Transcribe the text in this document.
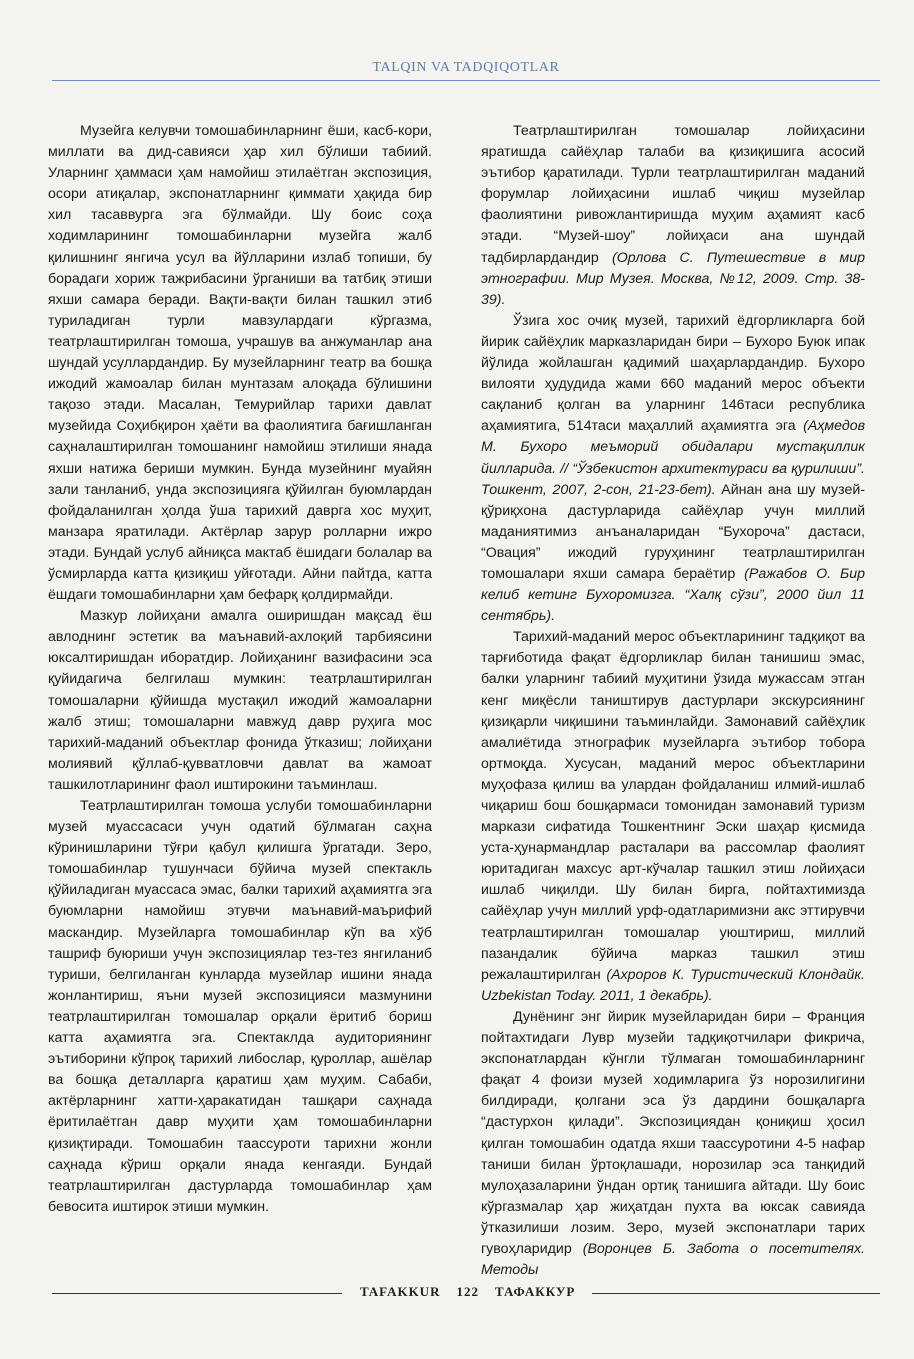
TALQIN VA TADQIQOTLAR

Музейга келувчи томошабинларнинг ёши, касб-кори, миллати ва дид-савияси ҳар хил бўлиши табиий. Уларнинг ҳаммаси ҳам намойиш этилаётган экспозиция, осори атиқалар, экспонатларнинг қиммати ҳақида бир хил тасаввурга эга бўлмайди. Шу боис соҳа ходимларининг томошабинларни музейга жалб қилишнинг янгича усул ва йўлларини излаб топиши, бу борадаги хориж тажрибасини ўрганиши ва татбиқ этиши яхши самара беради. Вақти-вақти билан ташкил этиб туриладиган турли мавзулардаги кўргазма, театрлаштирилган томоша, учрашув ва анжуманлар ана шундай усуллардандир. Бу музейларнинг театр ва бошқа ижодий жамоалар билан мунтазам алоқада бўлишини тақозо этади. Масалан, Темурийлар тарихи давлат музейида Соҳибқирон ҳаёти ва фаолиятига бағишланган саҳналаштирилган томошанинг намойиш этилиши янада яхши натижа бериши мумкин. Бунда музейнинг муайян зали танланиб, унда экспозицияга қўйилган буюмлардан фойдаланилган ҳолда ўша тарихий даврга хос муҳит, манзара яратилади. Актёрлар зарур ролларни ижро этади. Бундай услуб айниқса мактаб ёшидаги болалар ва ўсмирларда катта қизиқиш уйғотади. Айни пайтда, катта ёшдаги томошабинларни ҳам бефарқ қолдирмайди.

Мазкур лойиҳани амалга оширишдан мақсад ёш авлоднинг эстетик ва маънавий-ахлоқий тарбиясини юксалтиришдан иборатдир. Лойиҳанинг вазифасини эса қуйидагича белгилаш мумкин: театрлаштирилган томошаларни қўйишда мустақил ижодий жамоаларни жалб этиш; томошаларни мавжуд давр руҳига мос тарихий-маданий объектлар фонида ўтказиш; лойиҳани молиявий қўллаб-қувватловчи давлат ва жамоат ташкилотларининг фаол иштирокини таъминлаш.

Театрлаштирилган томоша услуби томошабинларни музей муассасаси учун одатий бўлмаган саҳна кўринишларини тўғри қабул қилишга ўргатади. Зеро, томошабинлар тушунчаси бўйича музей спектакль қўйиладиган муассаса эмас, балки тарихий аҳамиятга эга буюмларни намойиш этувчи маънавий-маърифий маскандир. Музейларга томошабинлар кўп ва хўб ташриф буюриши учун экспозициялар тез-тез янгиланиб туриши, белгиланган кунларда музейлар ишини янада жонлантириш, яъни музей экспозицияси мазмунини театрлаштирилган томошалар орқали ёритиб бориш катта аҳамиятга эга. Спектаклда аудиториянинг эътиборини кўпроқ тарихий либослар, қуроллар, ашёлар ва бошқа деталларга қаратиш ҳам муҳим. Сабаби, актёрларнинг хатти-ҳаракатидан ташқари саҳнада ёритилаётган давр муҳити ҳам томошабинларни қизиқтиради. Томошабин таассуроти тарихни жонли саҳнада кўриш орқали янада кенгаяди. Бундай театрлаштирилган дастурларда томошабинлар ҳам бевосита иштирок этиши мумкин.

Театрлаштирилган томошалар лойиҳасини яратишда сайёҳлар талаби ва қизиқишига асосий эътибор қаратилади. Турли театрлаштирилган маданий форумлар лойиҳасини ишлаб чиқиш музейлар фаолиятини ривожлантиришда муҳим аҳамият касб этади. “Музей-шоу” лойиҳаси ана шундай тадбирлардандир (Орлова С. Путешествие в мир этнографии. Мир Музея. Москва, №12, 2009. Стр. 38-39).

Ўзига хос очиқ музей, тарихий ёдгорликларга бой йирик сайёҳлик марказларидан бири – Бухоро Буюк ипак йўлида жойлашган қадимий шаҳарлардандир. Бухоро вилояти ҳудудида жами 660 маданий мерос объекти сақланиб қолган ва уларнинг 146таси республика аҳамиятига, 514таси маҳаллий аҳамиятга эга (Аҳмедов М. Бухоро меъморий обидалари мустақиллик йилларида. // “Ўзбекистон архитектураси ва қурилиши”. Тошкент, 2007, 2-сон, 21-23-бет). Айнан ана шу музей-қўриқхона дастурларида сайёҳлар учун миллий маданиятимиз анъаналаридан “Бухороча” дастаси, “Овация” ижодий гуруҳининг театрлаштирилган томошалари яхши самара бераётир (Ражабов О. Бир келиб кетинг Бухоромизга. “Халқ сўзи”, 2000 йил 11 сентябрь).

Тарихий-маданий мерос объектларининг тадқиқот ва тарғиботида фақат ёдгорликлар билан танишиш эмас, балки уларнинг табиий муҳитини ўзида мужассам этган кенг миқёсли таништирув дастурлари экскурсиянинг қизиқарли чиқишини таъминлайди. Замонавий сайёҳлик амалиётида этнографик музейларга эътибор тобора ортмоқда. Хусусан, маданий мерос объектларини муҳофаза қилиш ва улардан фойдаланиш илмий-ишлаб чиқариш бош бошқармаси томонидан замонавий туризм маркази сифатида Тошкентнинг Эски шаҳар қисмида уста-ҳунармандлар расталари ва рассомлар фаолият юритадиган махсус арт-кўчалар ташкил этиш лойиҳаси ишлаб чиқилди. Шу билан бирга, пойтахтимизда сайёҳлар учун миллий урф-одатларимизни акс эттирувчи театрлаштирилган томошалар уюштириш, миллий пазандалик бўйича марказ ташкил этиш режалаштирилган (Ахроров К. Туристический Клондайк. Uzbekistan Today. 2011, 1 декабрь).

Дунёнинг энг йирик музейларидан бири – Франция пойтахтидаги Лувр музейи тадқиқотчилари фикрича, экспонатлардан кўнгли тўлмаган томошабинларнинг фақат 4 фоизи музей ходимларига ўз норозилигини билдиради, қолгани эса ўз дардини бошқаларга “дастурхон қилади”. Экспозициядан қониқиш ҳосил қилган томошабин одатда яхши таассуротини 4-5 нафар таниши билан ўртоқлашади, норозилар эса танқидий мулоҳазаларини ўндан ортиқ танишига айтади. Шу боис кўргазмалар ҳар жиҳатдан пухта ва юксак савияда ўтказилиши лозим. Зеро, музей экспонатлари тарих гувоҳларидир (Воронцев Б. Забота о посетителях. Методы

TAFAKKUR 122 ТАФАККУР
